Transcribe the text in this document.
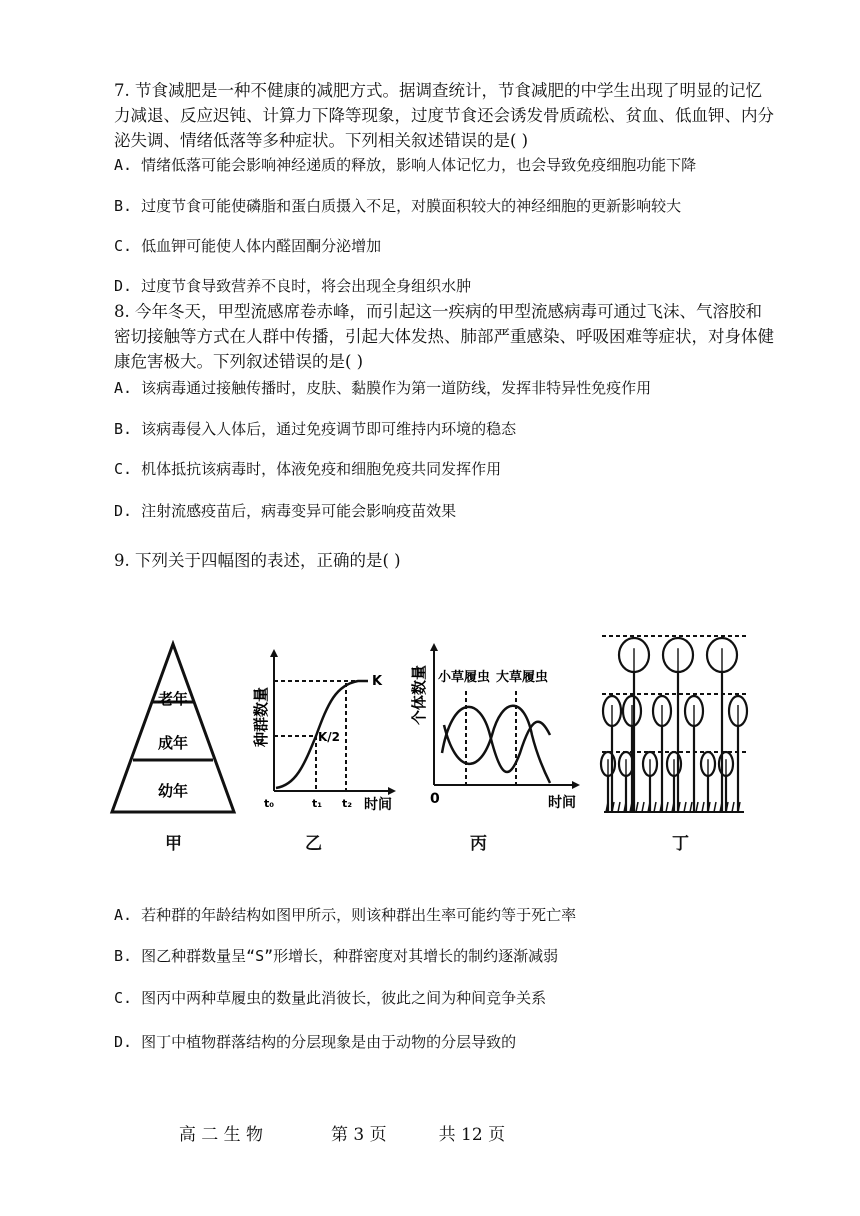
7. 节食减肥是一种不健康的减肥方式。据调查统计，节食减肥的中学生出现了明显的记忆力减退、反应迟钝、计算力下降等现象，过度节食还会诱发骨质疏松、贫血、低血钾、内分泌失调、情绪低落等多种症状。下列相关叙述错误的是( )
A. 情绪低落可能会影响神经递质的释放，影响人体记忆力，也会导致免疫细胞功能下降
B. 过度节食可能使磷脂和蛋白质摄入不足，对膜面积较大的神经细胞的更新影响较大
C. 低血钾可能使人体内醛固酮分泌增加
D. 过度节食导致营养不良时，将会出现全身组织水肿
8. 今年冬天，甲型流感席卷赤峰，而引起这一疾病的甲型流感病毒可通过飞沫、气溶胶和密切接触等方式在人群中传播，引起大体发热、肺部严重感染、呼吸困难等症状，对身体健康危害极大。下列叙述错误的是( )
A. 该病毒通过接触传播时，皮肤、黏膜作为第一道防线，发挥非特异性免疫作用
B. 该病毒侵入人体后，通过免疫调节即可维持内环境的稳态
C. 机体抵抗该病毒时，体液免疫和细胞免疫共同发挥作用
D. 注射流感疫苗后，病毒变异可能会影响疫苗效果
9. 下列关于四幅图的表述，正确的是( )
老年
成年
幼年
甲
K
K/2
t₀	t₁ t₂ 时间
种群数量
乙
小草履虫 大草履虫
0	时间
个体数量
丙	丁
A. 若种群的年龄结构如图甲所示，则该种群出生率可能约等于死亡率
B. 图乙种群数量呈“S”形增长，种群密度对其增长的制约逐渐减弱
C. 图丙中两种草履虫的数量此消彼长，彼此之间为种间竞争关系
D. 图丁中植物群落结构的分层现象是由于动物的分层导致的

高 二 生 物	第 3 页	共 12 页
